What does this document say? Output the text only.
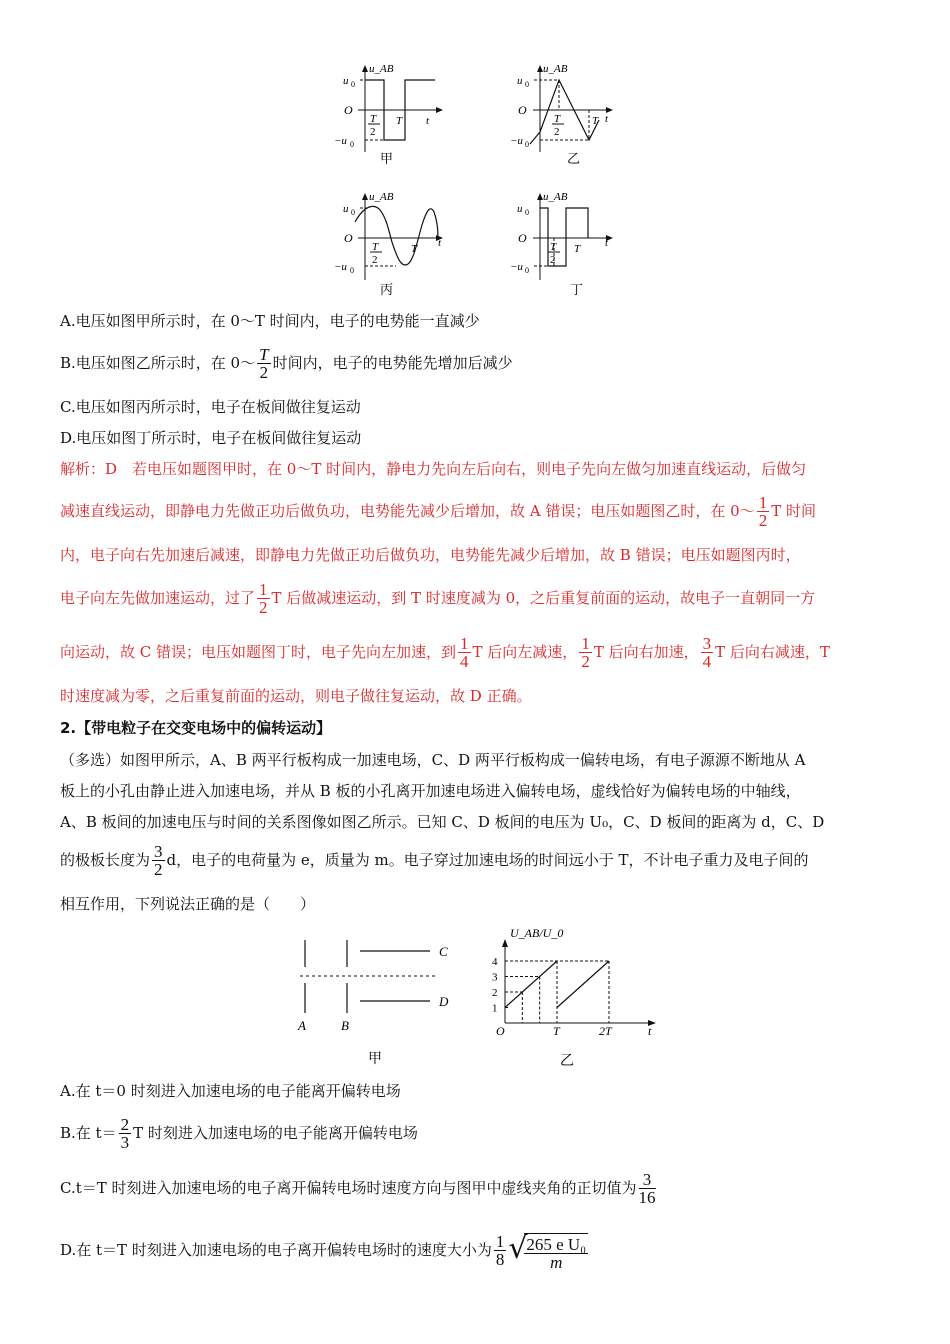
u_AB
u 0
O
−u 0
T
2
T t
甲
u_AB
u 0
O
−u 0
T
2
T t
乙
u_AB
u 0
O
−u 0
T
2
T t
丙
u_AB
u 0
O
−u 0
T
2
T t
丁
A.电压如图甲所示时，在 0～T 时间内，电子的电势能一直减少
B.电压如图乙所示时，在 0～ $\frac{T}{2}$ 时间内，电子的电势能先增加后减少
C.电压如图丙所示时，电子在板间做往复运动
D.电压如图丁所示时，电子在板间做往复运动
解析：D　若电压如题图甲时，在 0～T 时间内，静电力先向左后向右，则电子先向左做匀加速直线运动，后做匀
减速直线运动，即静电力先做正功后做负功，电势能先减少后增加，故 A 错误；电压如题图乙时，在 0～ $\frac{1}{2}$ T 时间
内，电子向右先加速后减速，即静电力先做正功后做负功，电势能先减少后增加，故 B 错误；电压如题图丙时，
电子向左先做加速运动，过了 $\frac{1}{2}$ T 后做减速运动，到 T 时速度减为 0，之后重复前面的运动，故电子一直朝同一方
向运动，故 C 错误；电压如题图丁时，电子先向左加速，到 $\frac{1}{4}$ T 后向左减速， $\frac{1}{2}$ T 后向右加速， $\frac{3}{4}$ T 后向右减速，T
时速度减为零，之后重复前面的运动，则电子做往复运动，故 D 正确。
2.【带电粒子在交变电场中的偏转运动】
（多选）如图甲所示，A、B 两平行板构成一加速电场，C、D 两平行板构成一偏转电场，有电子源源不断地从 A
板上的小孔由静止进入加速电场，并从 B 板的小孔离开加速电场进入偏转电场，虚线恰好为偏转电场的中轴线，
A、B 板间的加速电压与时间的关系图像如图乙所示。已知 C、D 板间的电压为 U₀，C、D 板间的距离为 d，C、D
的极板长度为 $\frac{3}{2}$ d，电子的电荷量为 e，质量为 m。电子穿过加速电场的时间远小于 T，不计电子重力及电子间的
相互作用，下列说法正确的是（　　）
C
D
A	B
甲
U_AB/U_0
O	t
1
2
3
4
T	2T
乙
A.在 t＝0 时刻进入加速电场的电子能离开偏转电场
B.在 $t= \frac{2}{3}$ T 时刻进入加速电场的电子能离开偏转电场
C.t＝T 时刻进入加速电场的电子离开偏转电场时速度方向与图甲中虚线夹角的正切值为 $\frac{3}{16}$
D.在 t＝T 时刻进入加速电场的电子离开偏转电场时的速度大小为 $\frac{1}{8}$ √
$\frac{\text{265 e U₀}}{m}$
